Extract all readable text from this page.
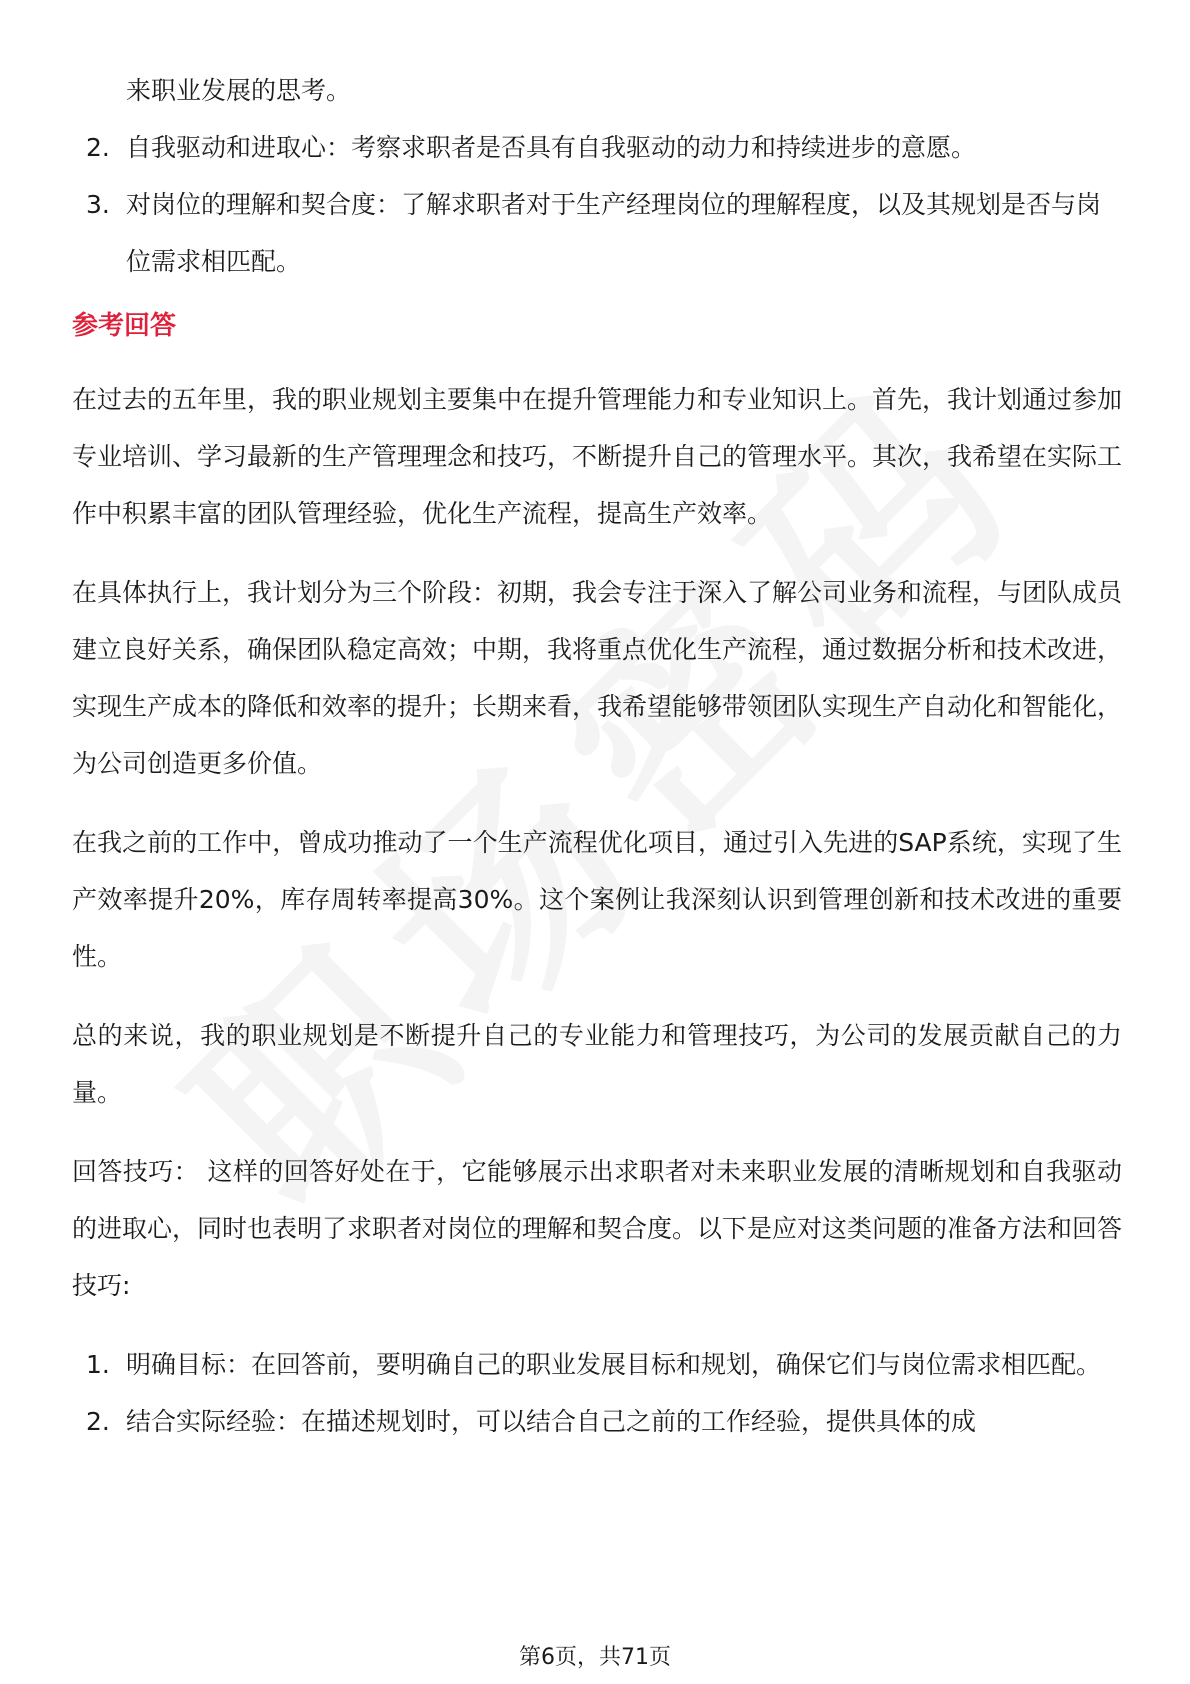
来职业发展的思考。

2. 自我驱动和进取心：考察求职者是否具有自我驱动的动力和持续进步的意愿。
3. 对岗位的理解和契合度：了解求职者对于生产经理岗位的理解程度，以及其规划是否与岗位需求相匹配。
参考回答

在过去的五年里，我的职业规划主要集中在提升管理能力和专业知识上。首先，我计划通过参加专业培训、学习最新的生产管理理念和技巧，不断提升自己的管理水平。其次，我希望在实际工作中积累丰富的团队管理经验，优化生产流程，提高生产效率。

在具体执行上，我计划分为三个阶段：初期，我会专注于深入了解公司业务和流程，与团队成员建立良好关系，确保团队稳定高效；中期，我将重点优化生产流程，通过数据分析和技术改进，实现生产成本的降低和效率的提升；长期来看，我希望能够带领团队实现生产自动化和智能化，为公司创造更多价值。

在我之前的工作中，曾成功推动了一个生产流程优化项目，通过引入先进的SAP系统，实现了生产效率提升20%，库存周转率提高30%。这个案例让我深刻认识到管理创新和技术改进的重要性。

总的来说，我的职业规划是不断提升自己的专业能力和管理技巧，为公司的发展贡献自己的力量。

回答技巧： 这样的回答好处在于，它能够展示出求职者对未来职业发展的清晰规划和自我驱动的进取心，同时也表明了求职者对岗位的理解和契合度。以下是应对这类问题的准备方法和回答技巧:

1. 明确目标：在回答前，要明确自己的职业发展目标和规划，确保它们与岗位需求相匹配。
2. 结合实际经验：在描述规划时，可以结合自己之前的工作经验，提供具体的成
第6页，共71页
